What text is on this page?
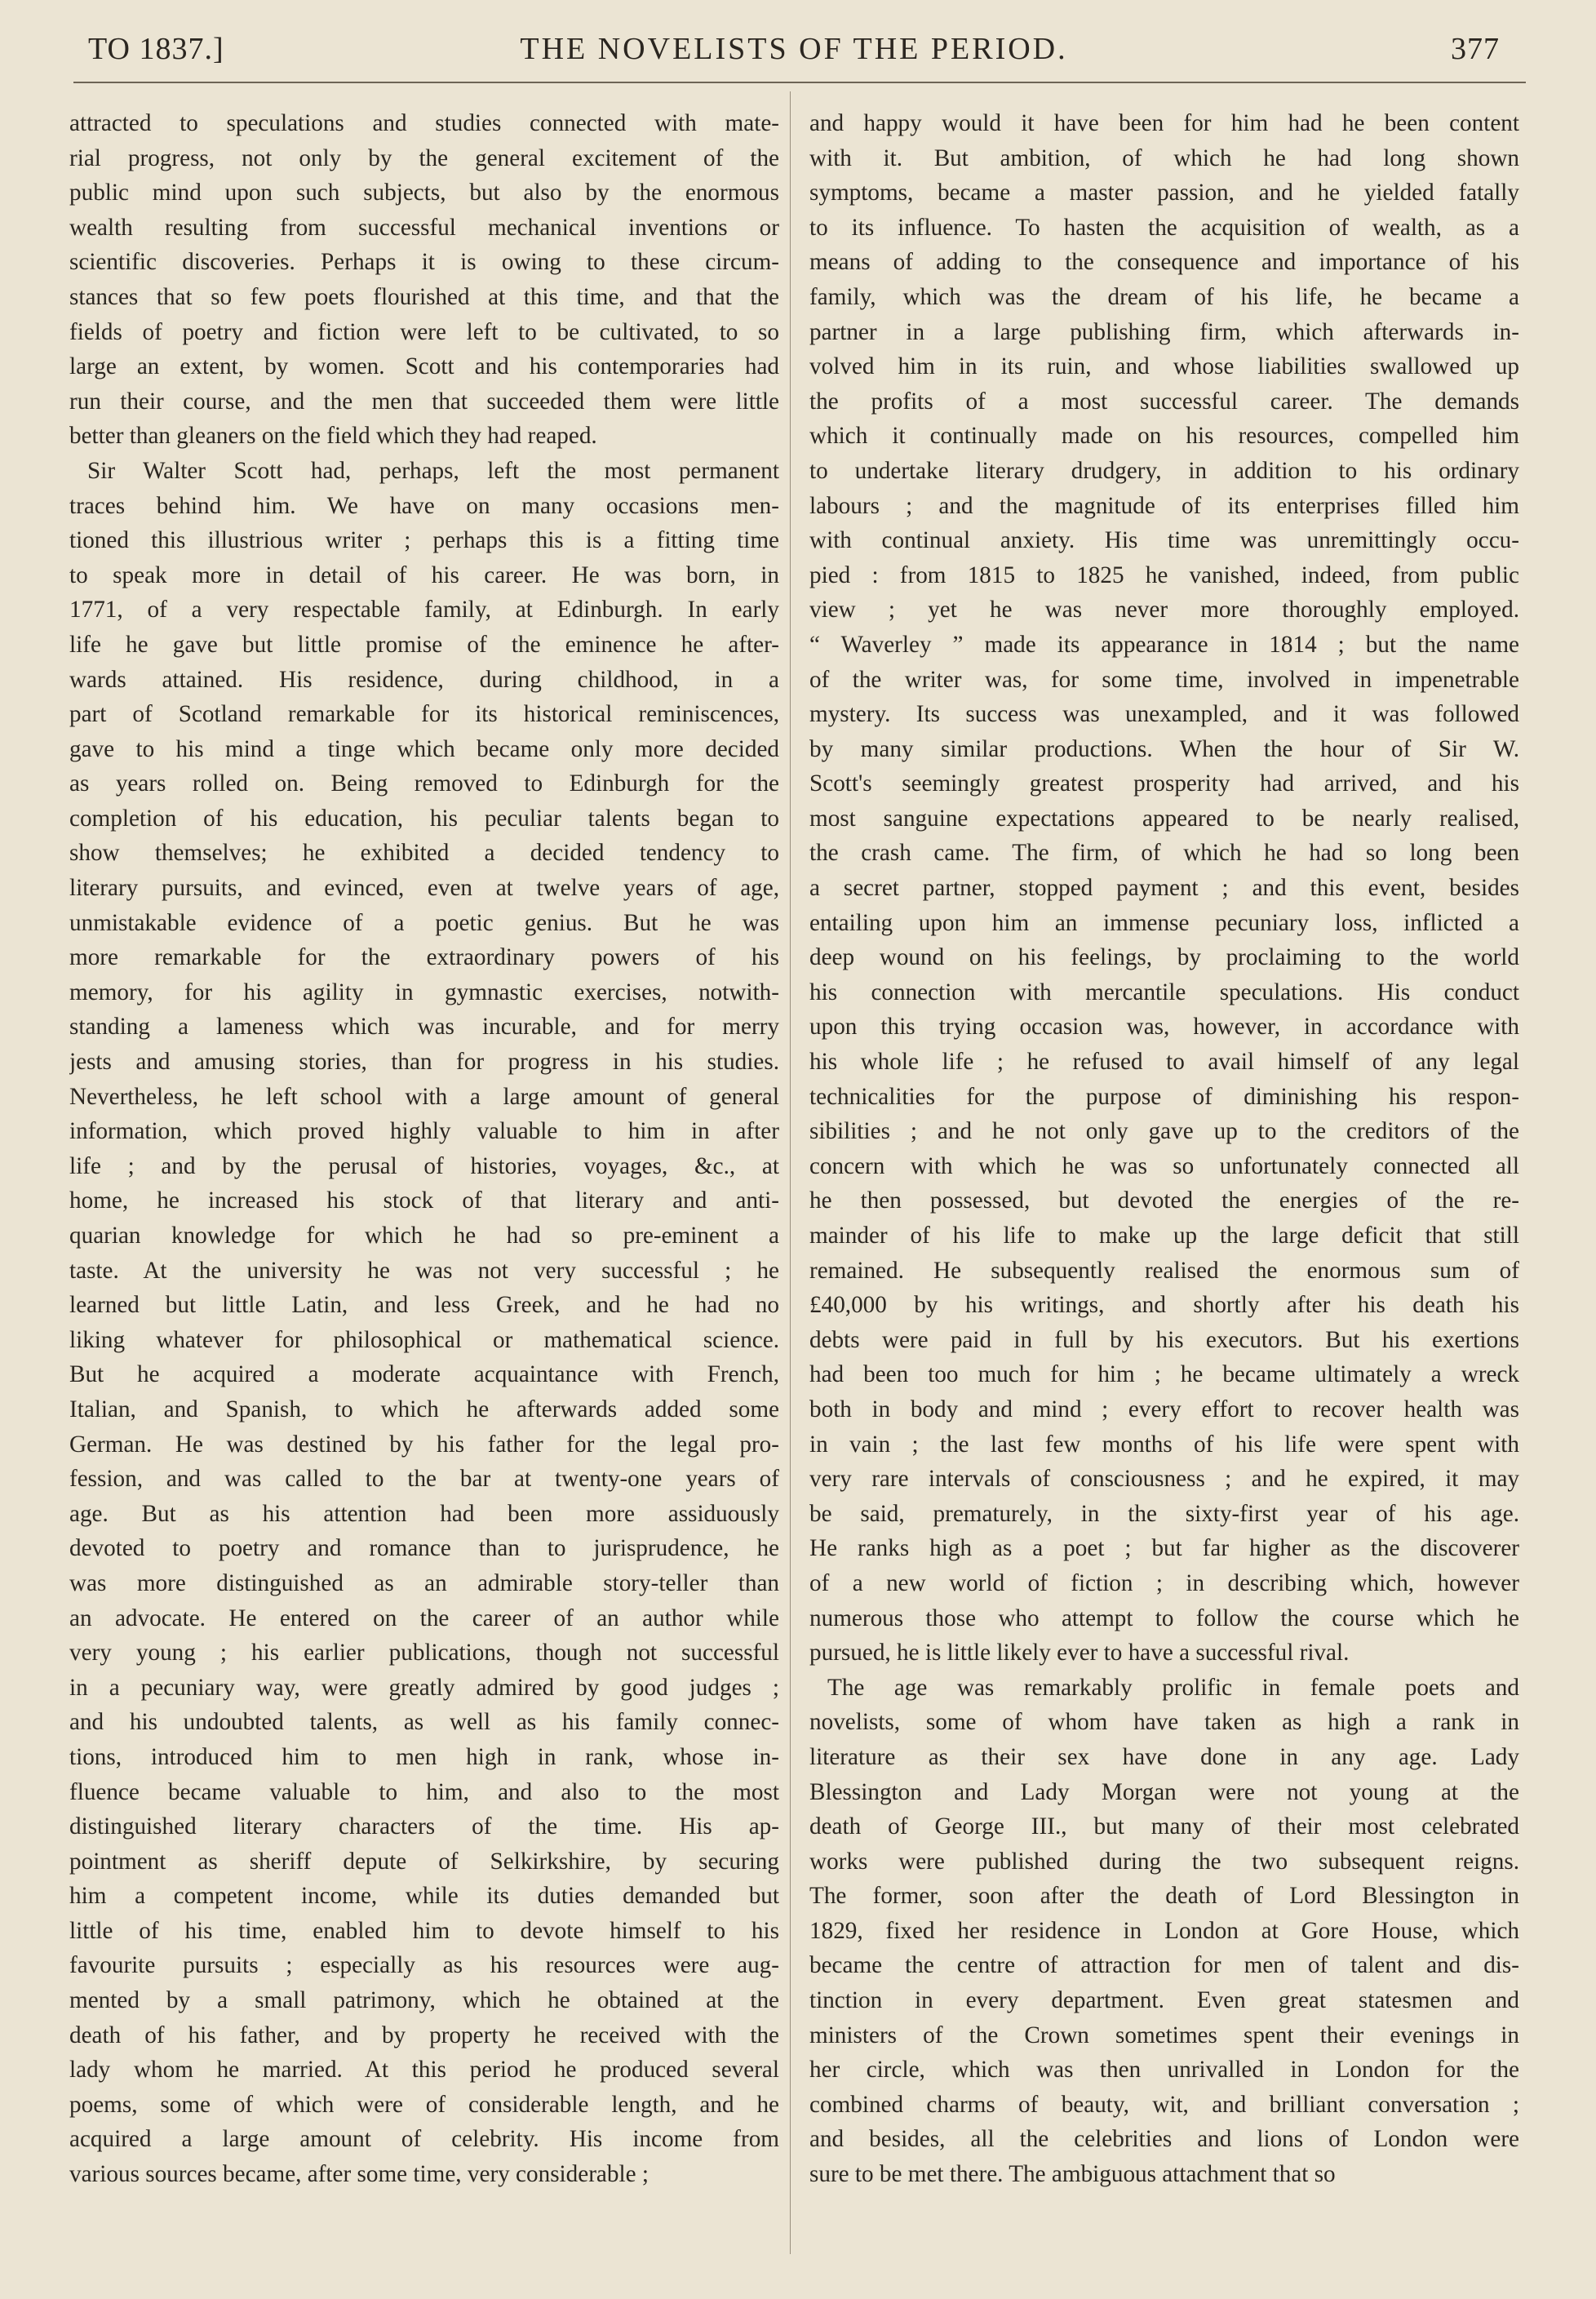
TO 1837.]	THE NOVELISTS OF THE PERIOD.	377
attracted to speculations and studies connected with mate-
rial progress, not only by the general excitement of the
public mind upon such subjects, but also by the enormous
wealth resulting from successful mechanical inventions or
scientific discoveries. Perhaps it is owing to these circum-
stances that so few poets flourished at this time, and that the
fields of poetry and fiction were left to be cultivated, to so
large an extent, by women. Scott and his contemporaries had
run their course, and the men that succeeded them were little
better than gleaners on the field which they had reaped.
Sir Walter Scott had, perhaps, left the most permanent
traces behind him. We have on many occasions men-
tioned this illustrious writer ; perhaps this is a fitting time
to speak more in detail of his career. He was born, in
1771, of a very respectable family, at Edinburgh. In early
life he gave but little promise of the eminence he after-
wards attained. His residence, during childhood, in a
part of Scotland remarkable for its historical reminiscences,
gave to his mind a tinge which became only more decided
as years rolled on. Being removed to Edinburgh for the
completion of his education, his peculiar talents began to
show themselves; he exhibited a decided tendency to
literary pursuits, and evinced, even at twelve years of age,
unmistakable evidence of a poetic genius. But he was
more remarkable for the extraordinary powers of his
memory, for his agility in gymnastic exercises, notwith-
standing a lameness which was incurable, and for merry
jests and amusing stories, than for progress in his studies.
Nevertheless, he left school with a large amount of general
information, which proved highly valuable to him in after
life ; and by the perusal of histories, voyages, &c., at
home, he increased his stock of that literary and anti-
quarian knowledge for which he had so pre-eminent a
taste. At the university he was not very successful ; he
learned but little Latin, and less Greek, and he had no
liking whatever for philosophical or mathematical science.
But he acquired a moderate acquaintance with French,
Italian, and Spanish, to which he afterwards added some
German. He was destined by his father for the legal pro-
fession, and was called to the bar at twenty-one years of
age. But as his attention had been more assiduously
devoted to poetry and romance than to jurisprudence, he
was more distinguished as an admirable story-teller than
an advocate. He entered on the career of an author while
very young ; his earlier publications, though not successful
in a pecuniary way, were greatly admired by good judges ;
and his undoubted talents, as well as his family connec-
tions, introduced him to men high in rank, whose in-
fluence became valuable to him, and also to the most
distinguished literary characters of the time. His ap-
pointment as sheriff depute of Selkirkshire, by securing
him a competent income, while its duties demanded but
little of his time, enabled him to devote himself to his
favourite pursuits ; especially as his resources were aug-
mented by a small patrimony, which he obtained at the
death of his father, and by property he received with the
lady whom he married. At this period he produced several
poems, some of which were of considerable length, and he
acquired a large amount of celebrity. His income from
various sources became, after some time, very considerable ;
and happy would it have been for him had he been content
with it. But ambition, of which he had long shown
symptoms, became a master passion, and he yielded fatally
to its influence. To hasten the acquisition of wealth, as a
means of adding to the consequence and importance of his
family, which was the dream of his life, he became a
partner in a large publishing firm, which afterwards in-
volved him in its ruin, and whose liabilities swallowed up
the profits of a most successful career. The demands
which it continually made on his resources, compelled him
to undertake literary drudgery, in addition to his ordinary
labours ; and the magnitude of its enterprises filled him
with continual anxiety. His time was unremittingly occu-
pied : from 1815 to 1825 he vanished, indeed, from public
view ; yet he was never more thoroughly employed.
“ Waverley ” made its appearance in 1814 ; but the name
of the writer was, for some time, involved in impenetrable
mystery. Its success was unexampled, and it was followed
by many similar productions. When the hour of Sir W.
Scott's seemingly greatest prosperity had arrived, and his
most sanguine expectations appeared to be nearly realised,
the crash came. The firm, of which he had so long been
a secret partner, stopped payment ; and this event, besides
entailing upon him an immense pecuniary loss, inflicted a
deep wound on his feelings, by proclaiming to the world
his connection with mercantile speculations. His conduct
upon this trying occasion was, however, in accordance with
his whole life ; he refused to avail himself of any legal
technicalities for the purpose of diminishing his respon-
sibilities ; and he not only gave up to the creditors of the
concern with which he was so unfortunately connected all
he then possessed, but devoted the energies of the re-
mainder of his life to make up the large deficit that still
remained. He subsequently realised the enormous sum of
£40,000 by his writings, and shortly after his death his
debts were paid in full by his executors. But his exertions
had been too much for him ; he became ultimately a wreck
both in body and mind ; every effort to recover health was
in vain ; the last few months of his life were spent with
very rare intervals of consciousness ; and he expired, it may
be said, prematurely, in the sixty-first year of his age.
He ranks high as a poet ; but far higher as the discoverer
of a new world of fiction ; in describing which, however
numerous those who attempt to follow the course which he
pursued, he is little likely ever to have a successful rival.
The age was remarkably prolific in female poets and
novelists, some of whom have taken as high a rank in
literature as their sex have done in any age. Lady
Blessington and Lady Morgan were not young at the
death of George III., but many of their most celebrated
works were published during the two subsequent reigns.
The former, soon after the death of Lord Blessington in
1829, fixed her residence in London at Gore House, which
became the centre of attraction for men of talent and dis-
tinction in every department. Even great statesmen and
ministers of the Crown sometimes spent their evenings in
her circle, which was then unrivalled in London for the
combined charms of beauty, wit, and brilliant conversation ;
and besides, all the celebrities and lions of London were
sure to be met there. The ambiguous attachment that so
